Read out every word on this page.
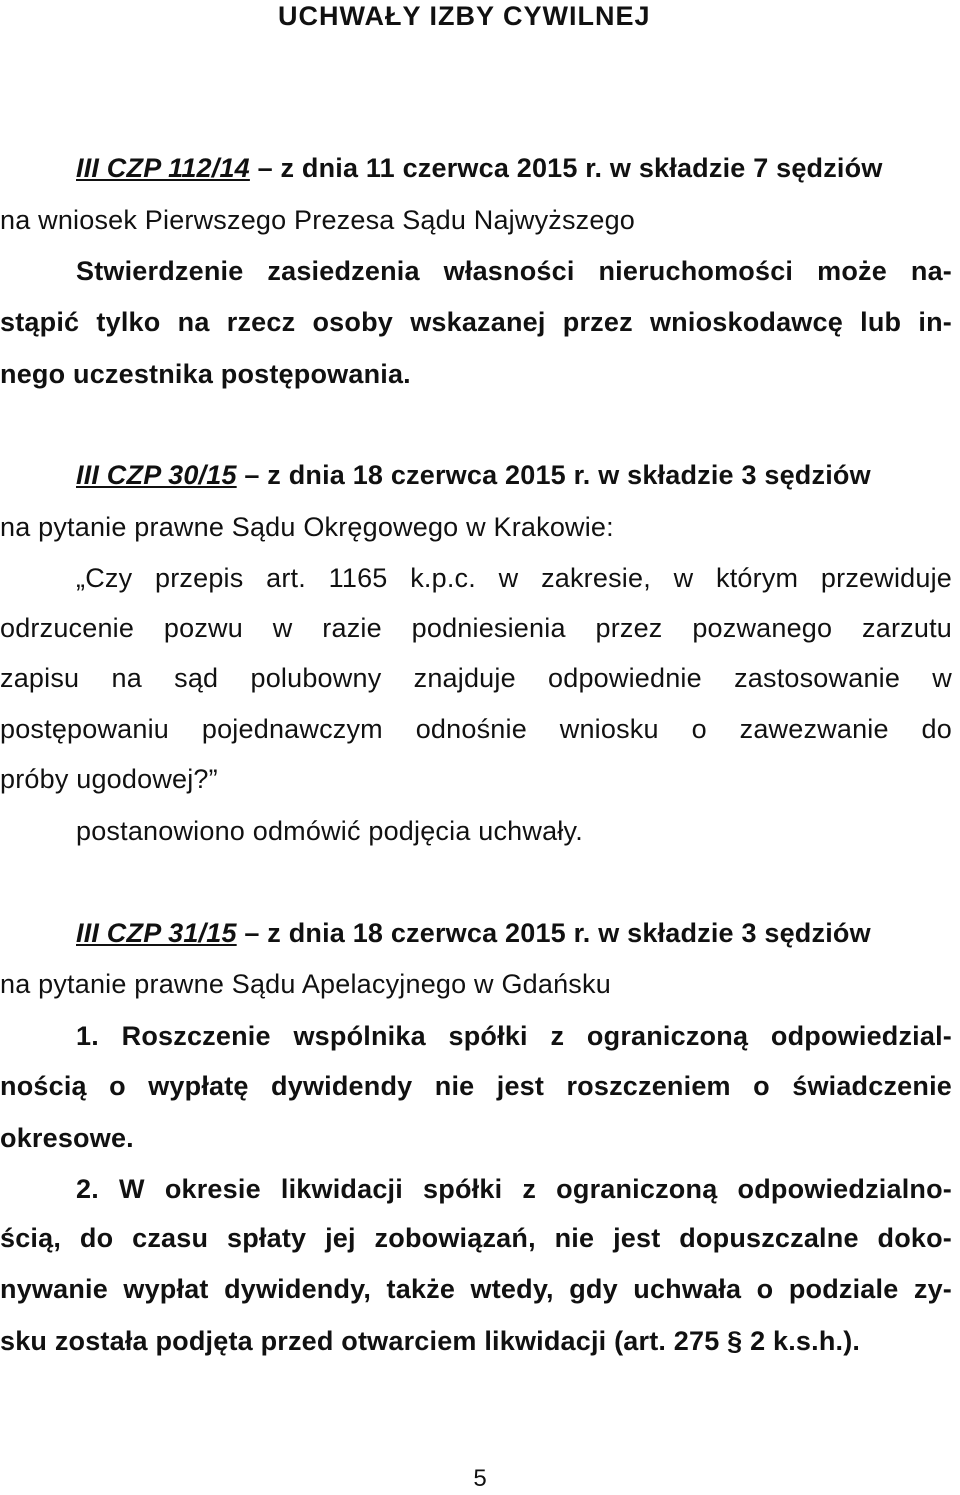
UCHWAŁY IZBY CYWILNEJ
III CZP 112/14 – z dnia 11 czerwca 2015 r. w składzie 7 sędziów
na wniosek Pierwszego Prezesa Sądu Najwyższego
Stwierdzenie zasiedzenia własności nieruchomości może na-
stąpić tylko na rzecz osoby wskazanej przez wnioskodawcę lub in-
nego uczestnika postępowania.
III CZP 30/15 – z dnia 18 czerwca 2015 r. w składzie 3 sędziów
na pytanie prawne Sądu Okręgowego w Krakowie:
„Czy przepis art. 1165 k.p.c. w zakresie, w którym przewiduje
odrzucenie pozwu w razie podniesienia przez pozwanego zarzutu
zapisu na sąd polubowny znajduje odpowiednie zastosowanie w
postępowaniu pojednawczym odnośnie wniosku o zawezwanie do
próby ugodowej?”
postanowiono odmówić podjęcia uchwały.
III CZP 31/15 – z dnia 18 czerwca 2015 r. w składzie 3 sędziów
na pytanie prawne Sądu Apelacyjnego w Gdańsku
1. Roszczenie wspólnika spółki z ograniczoną odpowiedzial-
nością o wypłatę dywidendy nie jest roszczeniem o świadczenie
okresowe.
2. W okresie likwidacji spółki z ograniczoną odpowiedzialno-
ścią, do czasu spłaty jej zobowiązań, nie jest dopuszczalne doko-
nywanie wypłat dywidendy, także wtedy, gdy uchwała o podziale zy-
sku została podjęta przed otwarciem likwidacji (art. 275 § 2 k.s.h.).
5
